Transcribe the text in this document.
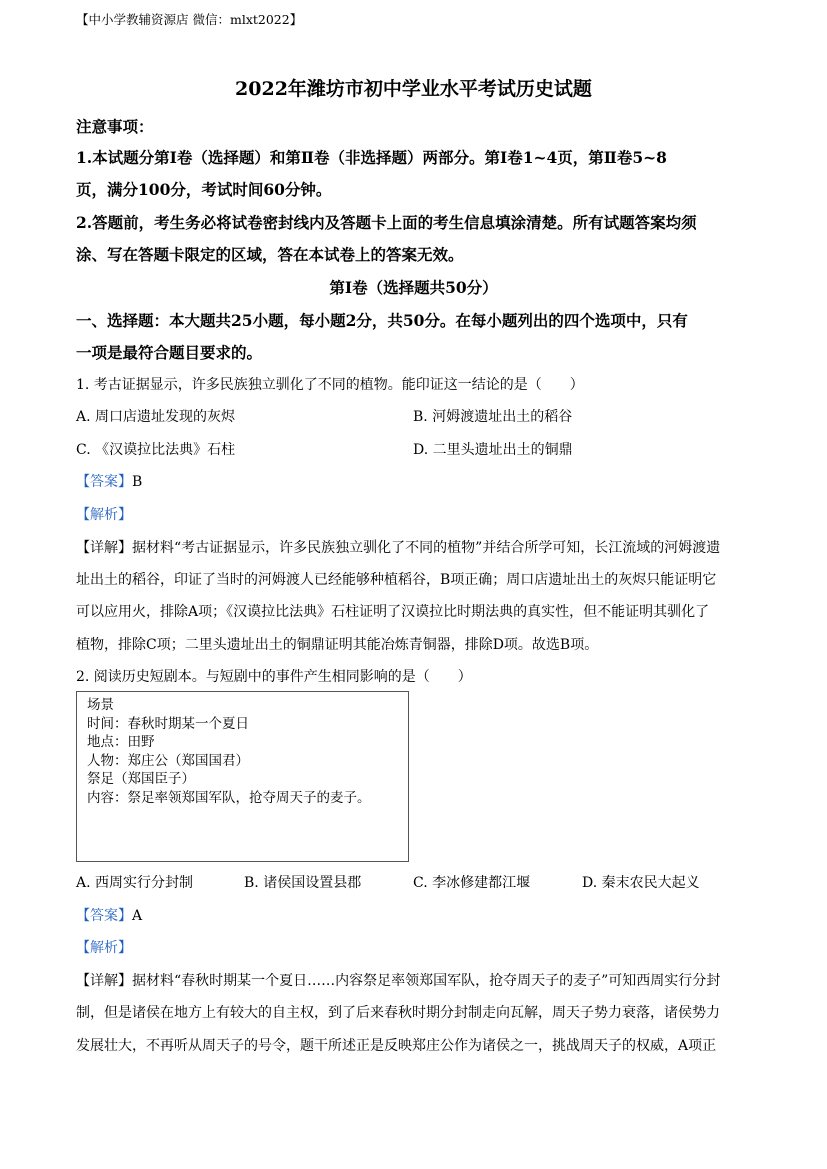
【中小学教辅资源店 微信：mlxt2022】
2022年潍坊市初中学业水平考试历史试题
注意事项：
1.本试题分第Ⅰ卷（选择题）和第Ⅱ卷（非选择题）两部分。第Ⅰ卷1~4页，第Ⅱ卷5~8
页，满分100分，考试时间60分钟。
2.答题前，考生务必将试卷密封线内及答题卡上面的考生信息填涂清楚。所有试题答案均须
涂、写在答题卡限定的区域，答在本试卷上的答案无效。
第Ⅰ卷（选择题共50分）
一、选择题：本大题共25小题，每小题2分，共50分。在每小题列出的四个选项中，只有
一项是最符合题目要求的。
1. 考古证据显示，许多民族独立驯化了不同的植物。能印证这一结论的是（　　）
A. 周口店遗址发现的灰烬	B. 河姆渡遗址出土的稻谷
C. 《汉谟拉比法典》石柱	D. 二里头遗址出土的铜鼎
【答案】B
【解析】
【详解】据材料“考古证据显示，许多民族独立驯化了不同的植物”并结合所学可知，长江流域的河姆渡遗
址出土的稻谷，印证了当时的河姆渡人已经能够种植稻谷，B项正确；周口店遗址出土的灰烬只能证明它
可以应用火，排除A项；《汉谟拉比法典》石柱证明了汉谟拉比时期法典的真实性，但不能证明其驯化了
植物，排除C项；二里头遗址出土的铜鼎证明其能冶炼青铜器，排除D项。故选B项。
2. 阅读历史短剧本。与短剧中的事件产生相同影响的是（　　）
场景
时间：春秋时期某一个夏日
地点：田野
人物：郑庄公（郑国国君）
祭足（郑国臣子）
内容：祭足率领郑国军队，抢夺周天子的麦子。
A. 西周实行分封制	B. 诸侯国设置县郡	C. 李冰修建都江堰	D. 秦末农民大起义
【答案】A
【解析】
【详解】据材料“春秋时期某一个夏日……内容祭足率领郑国军队，抢夺周天子的麦子”可知西周实行分封
制，但是诸侯在地方上有较大的自主权，到了后来春秋时期分封制走向瓦解，周天子势力衰落，诸侯势力
发展壮大，不再听从周天子的号令，题干所述正是反映郑庄公作为诸侯之一，挑战周天子的权威，A项正
